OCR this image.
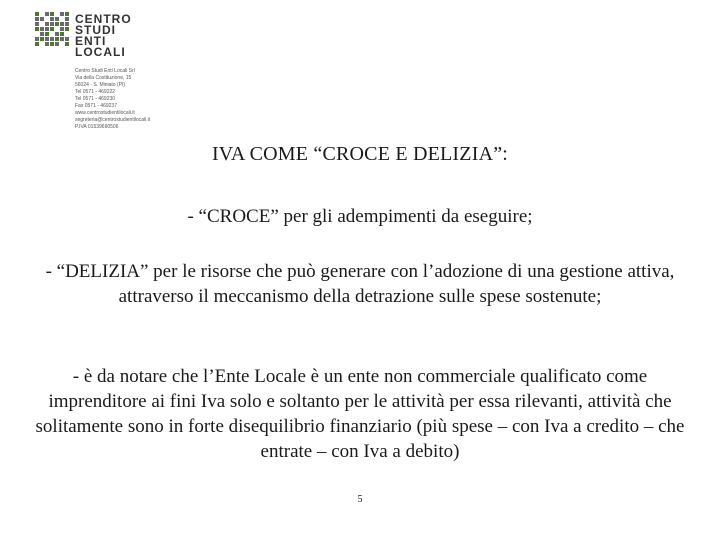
CENTRO
STUDI
ENTI
LOCALI
Centro Studi Enti Locali Srl
Via della Costituzione, 15
56024 - S. Miniato (PI)
Tel 0571 - 469222
Tel 0571 - 469230
Fax 0571 - 469237
www.centrostudientilocali.it
segreteria@centrostudientilocali.it
P.IVA 01539690506
IVA COME “CROCE E DELIZIA”:
- “CROCE” per gli adempimenti da eseguire;
- “DELIZIA” per le risorse che può generare con l’adozione di una gestione attiva, attraverso il meccanismo della detrazione sulle spese sostenute;
- è da notare che l’Ente Locale è un ente non commerciale qualificato come imprenditore ai fini Iva solo e soltanto per le attività per essa rilevanti, attività che solitamente sono in forte disequilibrio finanziario (più spese – con Iva a credito – che entrate – con Iva a debito)
5
